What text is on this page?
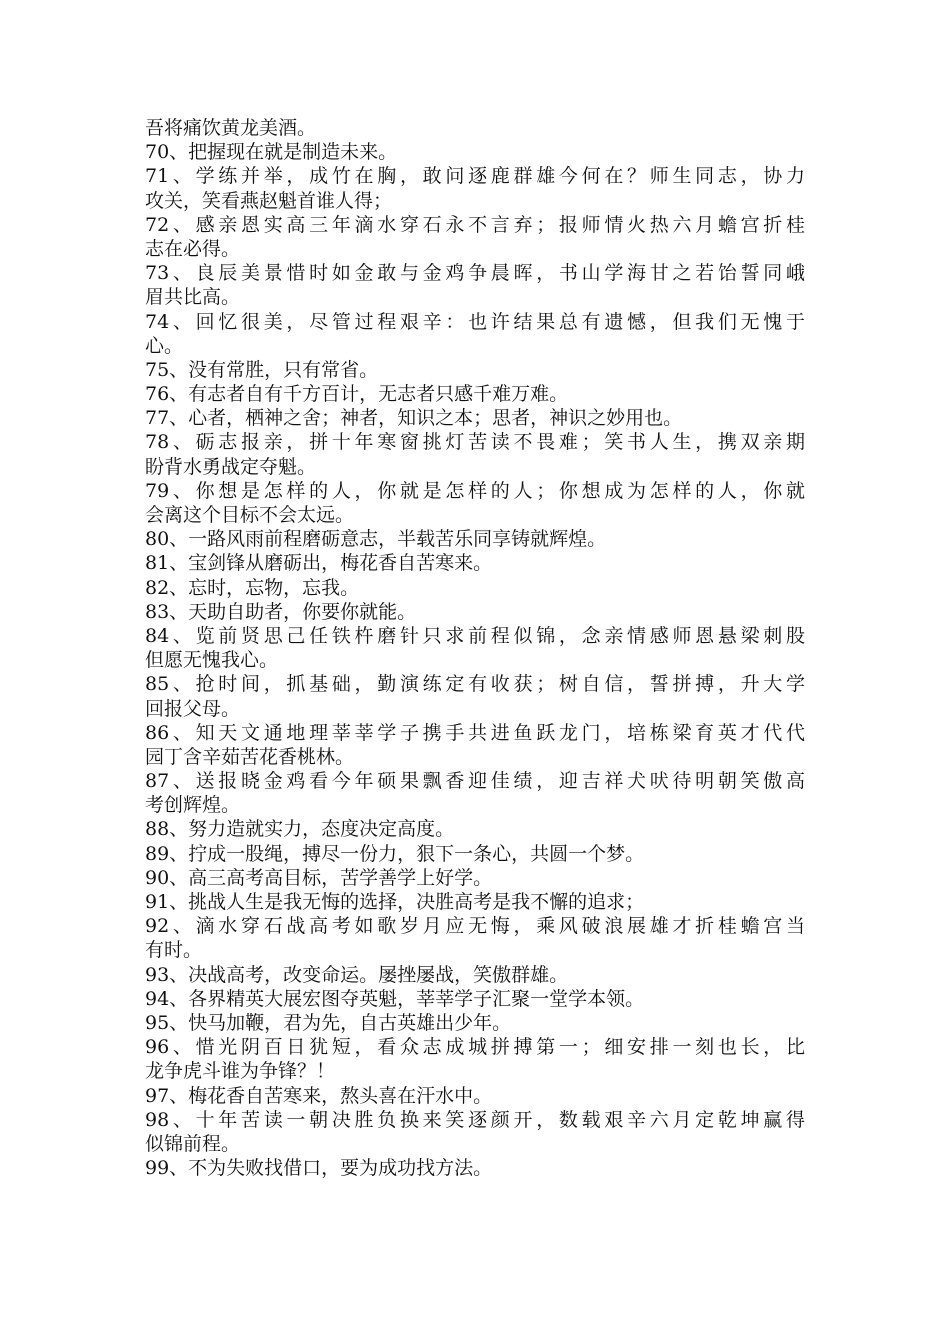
吾将痛饮黄龙美酒。
70、把握现在就是制造未来。
71、学练并举，成竹在胸，敢问逐鹿群雄今何在？师生同志，协力
攻关，笑看燕赵魁首谁人得；
72、感亲恩实高三年滴水穿石永不言弃；报师情火热六月蟾宫折桂
志在必得。
73、良辰美景惜时如金敢与金鸡争晨晖，书山学海甘之若饴誓同峨
眉共比高。
74、回忆很美，尽管过程艰辛：也许结果总有遗憾，但我们无愧于
心。
75、没有常胜，只有常省。
76、有志者自有千方百计，无志者只感千难万难。
77、心者，栖神之舍；神者，知识之本；思者，神识之妙用也。
78、砺志报亲，拼十年寒窗挑灯苦读不畏难；笑书人生，携双亲期
盼背水勇战定夺魁。
79、你想是怎样的人，你就是怎样的人；你想成为怎样的人，你就
会离这个目标不会太远。
80、一路风雨前程磨砺意志，半载苦乐同享铸就辉煌。
81、宝剑锋从磨砺出，梅花香自苦寒来。
82、忘时，忘物，忘我。
83、天助自助者，你要你就能。
84、览前贤思己任铁杵磨针只求前程似锦，念亲情感师恩悬梁刺股
但愿无愧我心。
85、抢时间，抓基础，勤演练定有收获；树自信，誓拼搏，升大学
回报父母。
86、知天文通地理莘莘学子携手共进鱼跃龙门，培栋梁育英才代代
园丁含辛茹苦花香桃林。
87、送报晓金鸡看今年硕果飘香迎佳绩，迎吉祥犬吠待明朝笑傲高
考创辉煌。
88、努力造就实力，态度决定高度。
89、拧成一股绳，搏尽一份力，狠下一条心，共圆一个梦。
90、高三高考高目标，苦学善学上好学。
91、挑战人生是我无悔的选择，决胜高考是我不懈的追求；
92、滴水穿石战高考如歌岁月应无悔，乘风破浪展雄才折桂蟾宫当
有时。
93、决战高考，改变命运。屡挫屡战，笑傲群雄。
94、各界精英大展宏图夺英魁，莘莘学子汇聚一堂学本领。
95、快马加鞭，君为先，自古英雄出少年。
96、惜光阴百日犹短，看众志成城拼搏第一；细安排一刻也长，比
龙争虎斗谁为争锋？！
97、梅花香自苦寒来，熬头喜在汗水中。
98、十年苦读一朝决胜负换来笑逐颜开，数载艰辛六月定乾坤赢得
似锦前程。
99、不为失败找借口，要为成功找方法。
